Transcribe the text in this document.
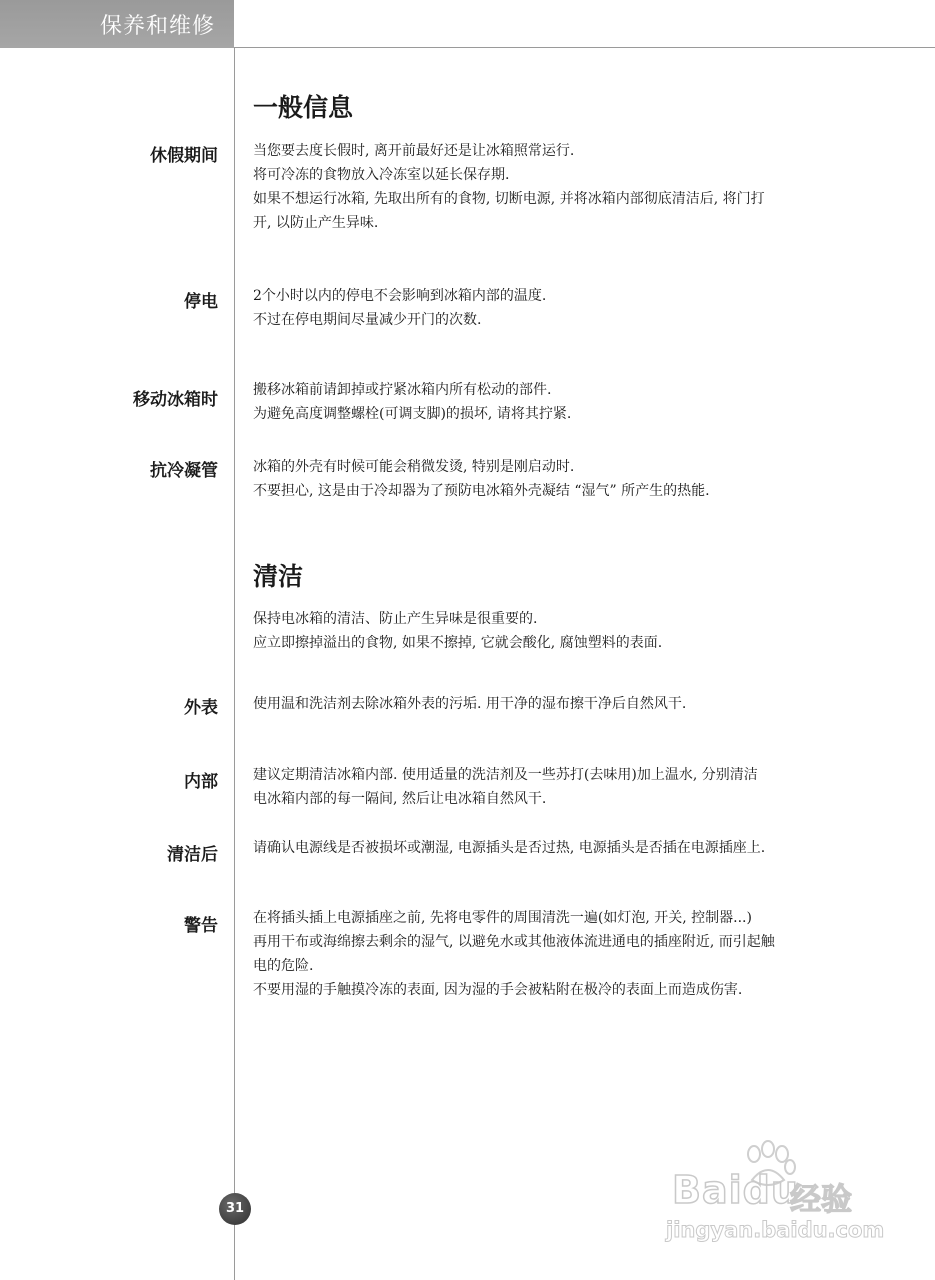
保养和维修
一般信息
休假期间	当您要去度长假时, 离开前最好还是让冰箱照常运行.

将可冷冻的食物放入冷冻室以延长保存期.

如果不想运行冰箱, 先取出所有的食物, 切断电源, 并将冰箱内部彻底清洁后, 将门打

开, 以防止产生异味.

停电	2个小时以内的停电不会影响到冰箱内部的温度.

不过在停电期间尽量减少开门的次数.

移动冰箱时	搬移冰箱前请卸掉或拧紧冰箱内所有松动的部件.

为避免高度调整螺栓(可调支脚)的损坏, 请将其拧紧.

抗冷凝管	冰箱的外壳有时候可能会稍微发烫, 特别是刚启动时.

不要担心, 这是由于冷却器为了预防电冰箱外壳凝结 “湿气” 所产生的热能.

清洁

保持电冰箱的清洁、防止产生异味是很重要的.

应立即擦掉溢出的食物, 如果不擦掉, 它就会酸化, 腐蚀塑料的表面.

外表	使用温和洗洁剂去除冰箱外表的污垢. 用干净的湿布擦干净后自然风干.

内部	建议定期清洁冰箱内部. 使用适量的洗洁剂及一些苏打(去味用)加上温水, 分别清洁

电冰箱内部的每一隔间, 然后让电冰箱自然风干.

清洁后	请确认电源线是否被损坏或潮湿, 电源插头是否过热, 电源插头是否插在电源插座上.

警告	在将插头插上电源插座之前, 先将电零件的周围清洗一遍(如灯泡, 开关, 控制器...)

再用干布或海绵擦去剩余的湿气, 以避免水或其他液体流进通电的插座附近, 而引起触

电的危险.

不要用湿的手触摸冷冻的表面, 因为湿的手会被粘附在极冷的表面上而造成伤害.

31	Baidu
经验
jingyan.baidu.com
